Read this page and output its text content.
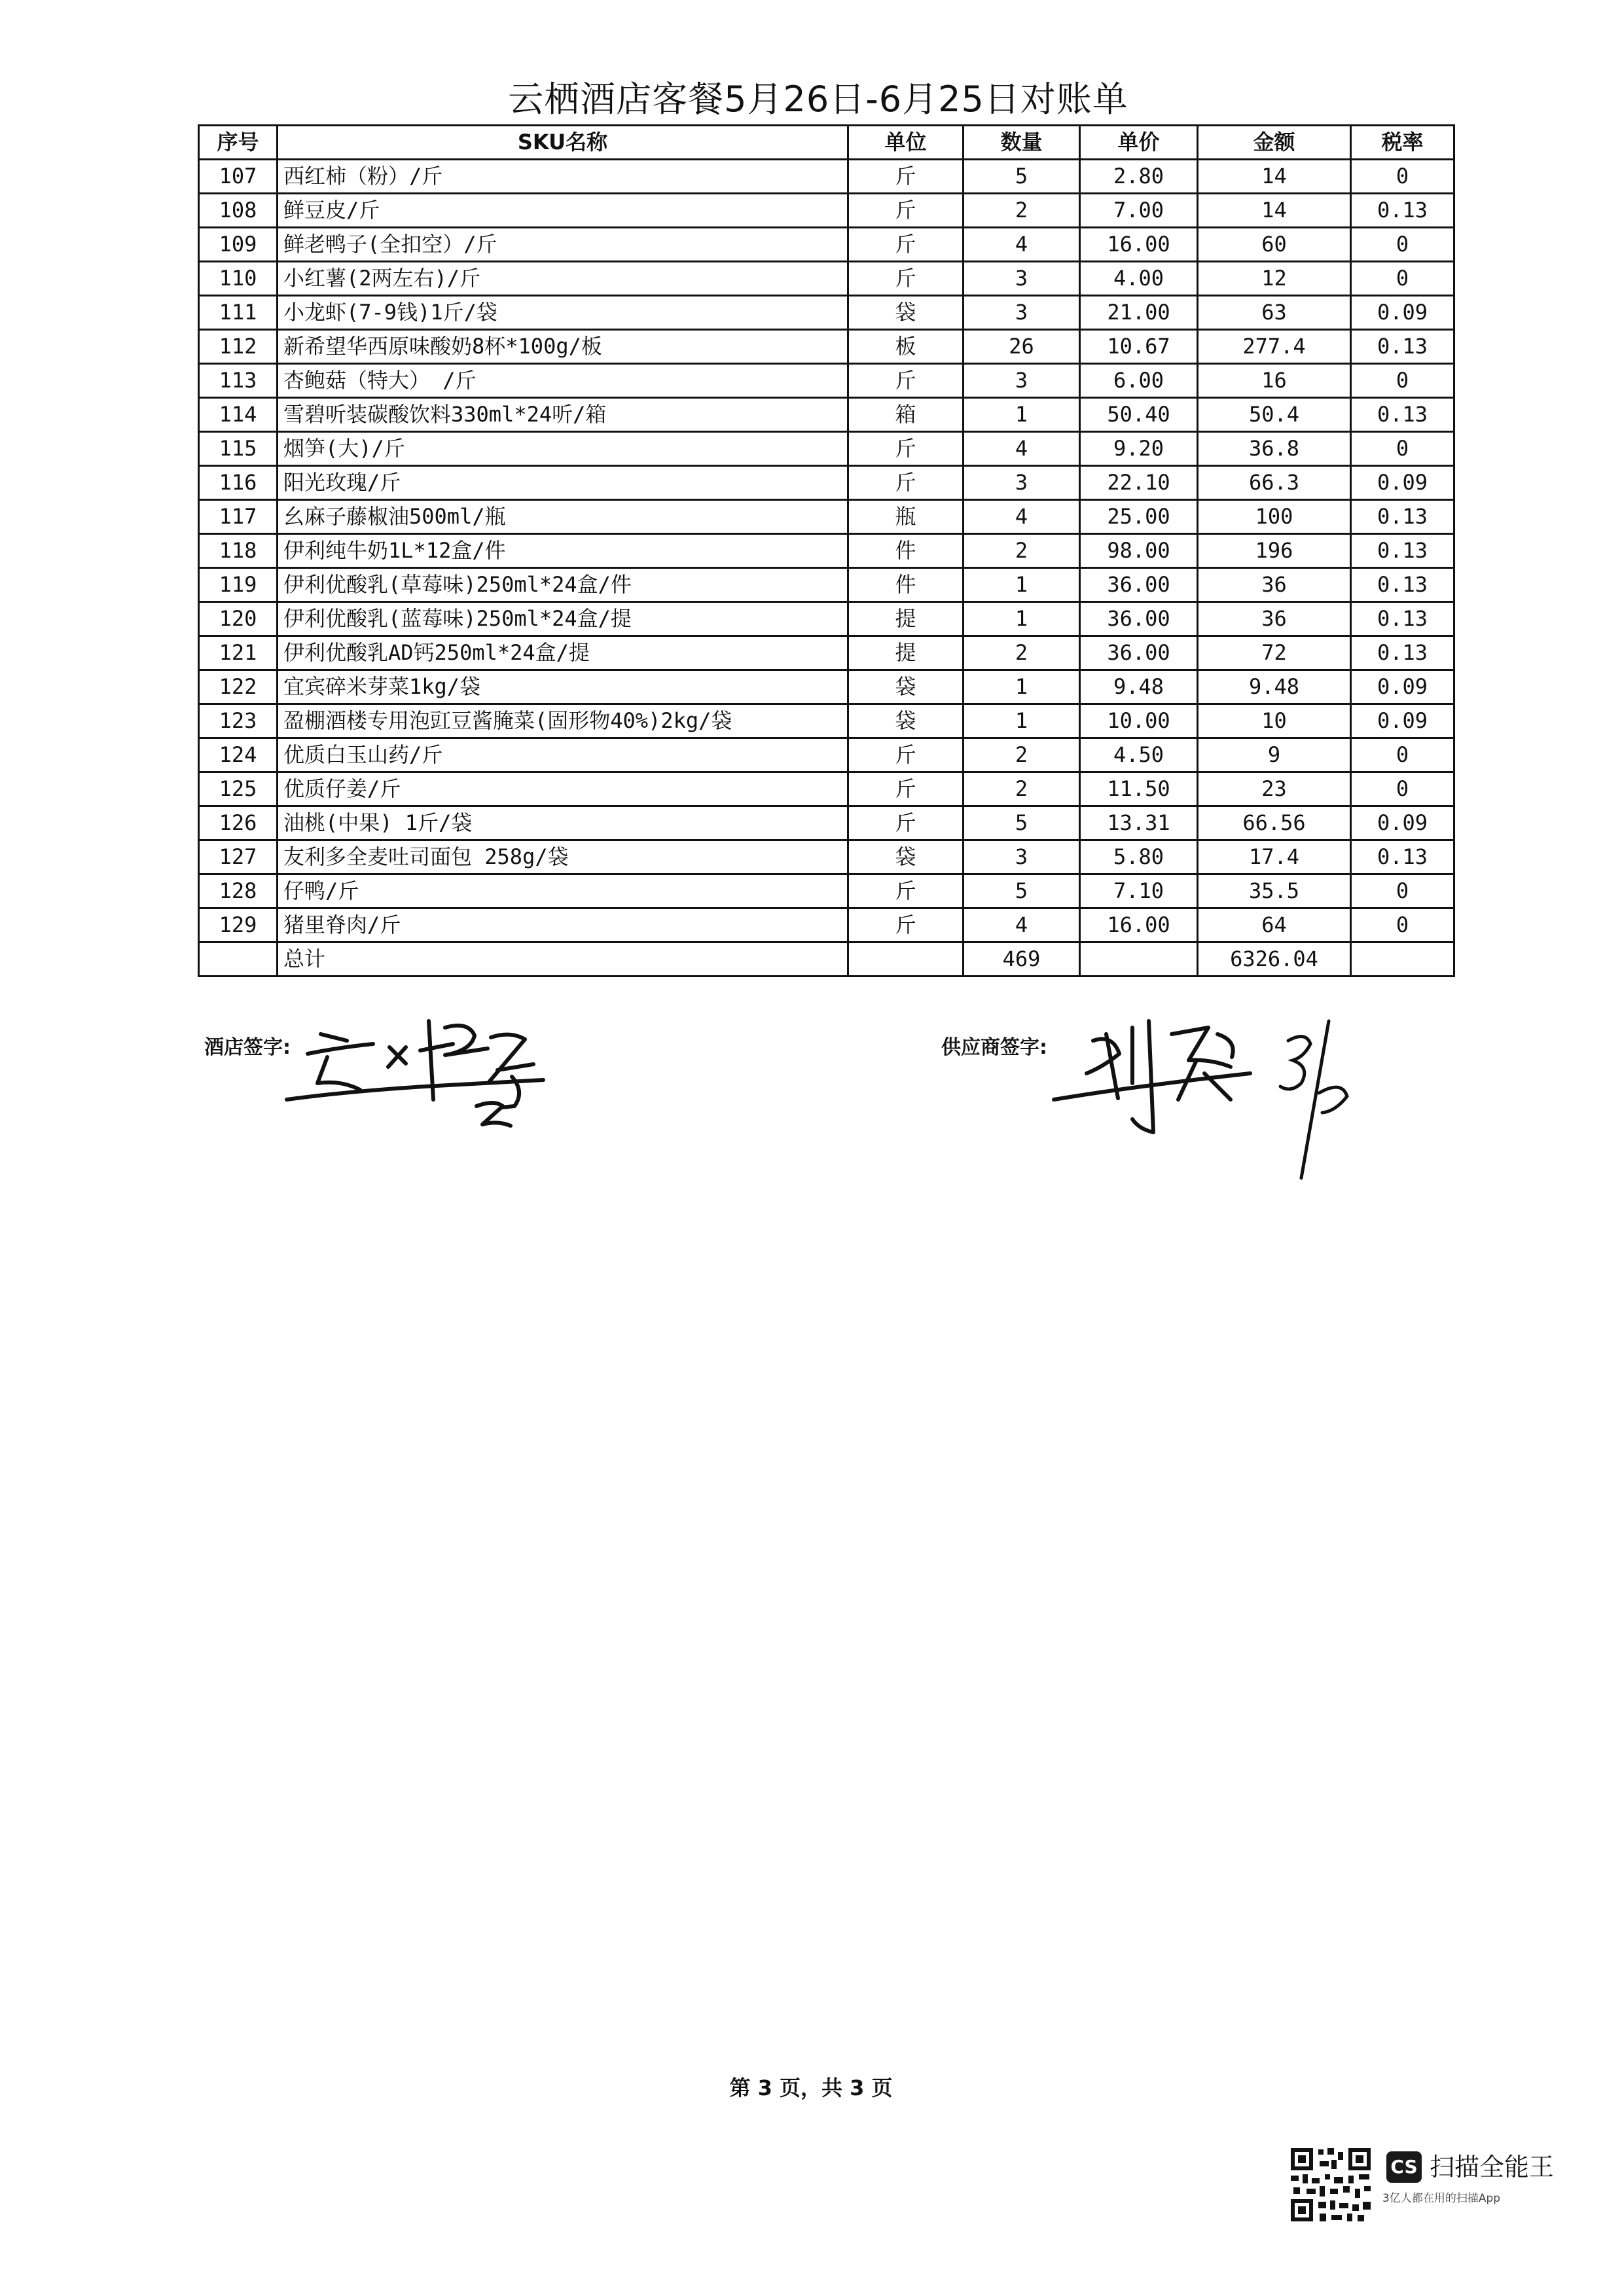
云栖酒店客餐5月26日-6月25日对账单
序号	SKU名称	单位	数量	单价	金额	税率
107	西红柿（粉）/斤	斤	5	2.80	14	0
108	鲜豆皮/斤	斤	2	7.00	14	0.13
109	鲜老鸭子(全扣空）/斤	斤	4	16.00	60	0
110	小红薯(2两左右)/斤	斤	3	4.00	12	0
111	小龙虾(7-9钱)1斤/袋	袋	3	21.00	63	0.09
112	新希望华西原味酸奶8杯*100g/板	板	26	10.67	277.4	0.13
113	杏鲍菇（特大） /斤	斤	3	6.00	16	0
114	雪碧听装碳酸饮料330ml*24听/箱	箱	1	50.40	50.4	0.13
115	烟笋(大)/斤	斤	4	9.20	36.8	0
116	阳光玫瑰/斤	斤	3	22.10	66.3	0.09
117	幺麻子藤椒油500ml/瓶	瓶	4	25.00	100	0.13
118	伊利纯牛奶1L*12盒/件	件	2	98.00	196	0.13
119	伊利优酸乳(草莓味)250ml*24盒/件	件	1	36.00	36	0.13
120	伊利优酸乳(蓝莓味)250ml*24盒/提	提	1	36.00	36	0.13
121	伊利优酸乳AD钙250ml*24盒/提	提	2	36.00	72	0.13
122	宜宾碎米芽菜1kg/袋	袋	1	9.48	9.48	0.09
123	盈棚酒楼专用泡豇豆酱腌菜(固形物40%)2kg/袋	袋	1	10.00	10	0.09
124	优质白玉山药/斤	斤	2	4.50	9	0
125	优质仔姜/斤	斤	2	11.50	23	0
126	油桃(中果) 1斤/袋	斤	5	13.31	66.56	0.09
127	友利多全麦吐司面包 258g/袋	袋	3	5.80	17.4	0.13
128	仔鸭/斤	斤	5	7.10	35.5	0
129	猪里脊肉/斤	斤	4	16.00	64	0
	总计		469		6326.04	
酒店签字:	供应商签字:
第 3 页，共 3 页
CS 扫描全能王
3亿人都在用的扫描App
